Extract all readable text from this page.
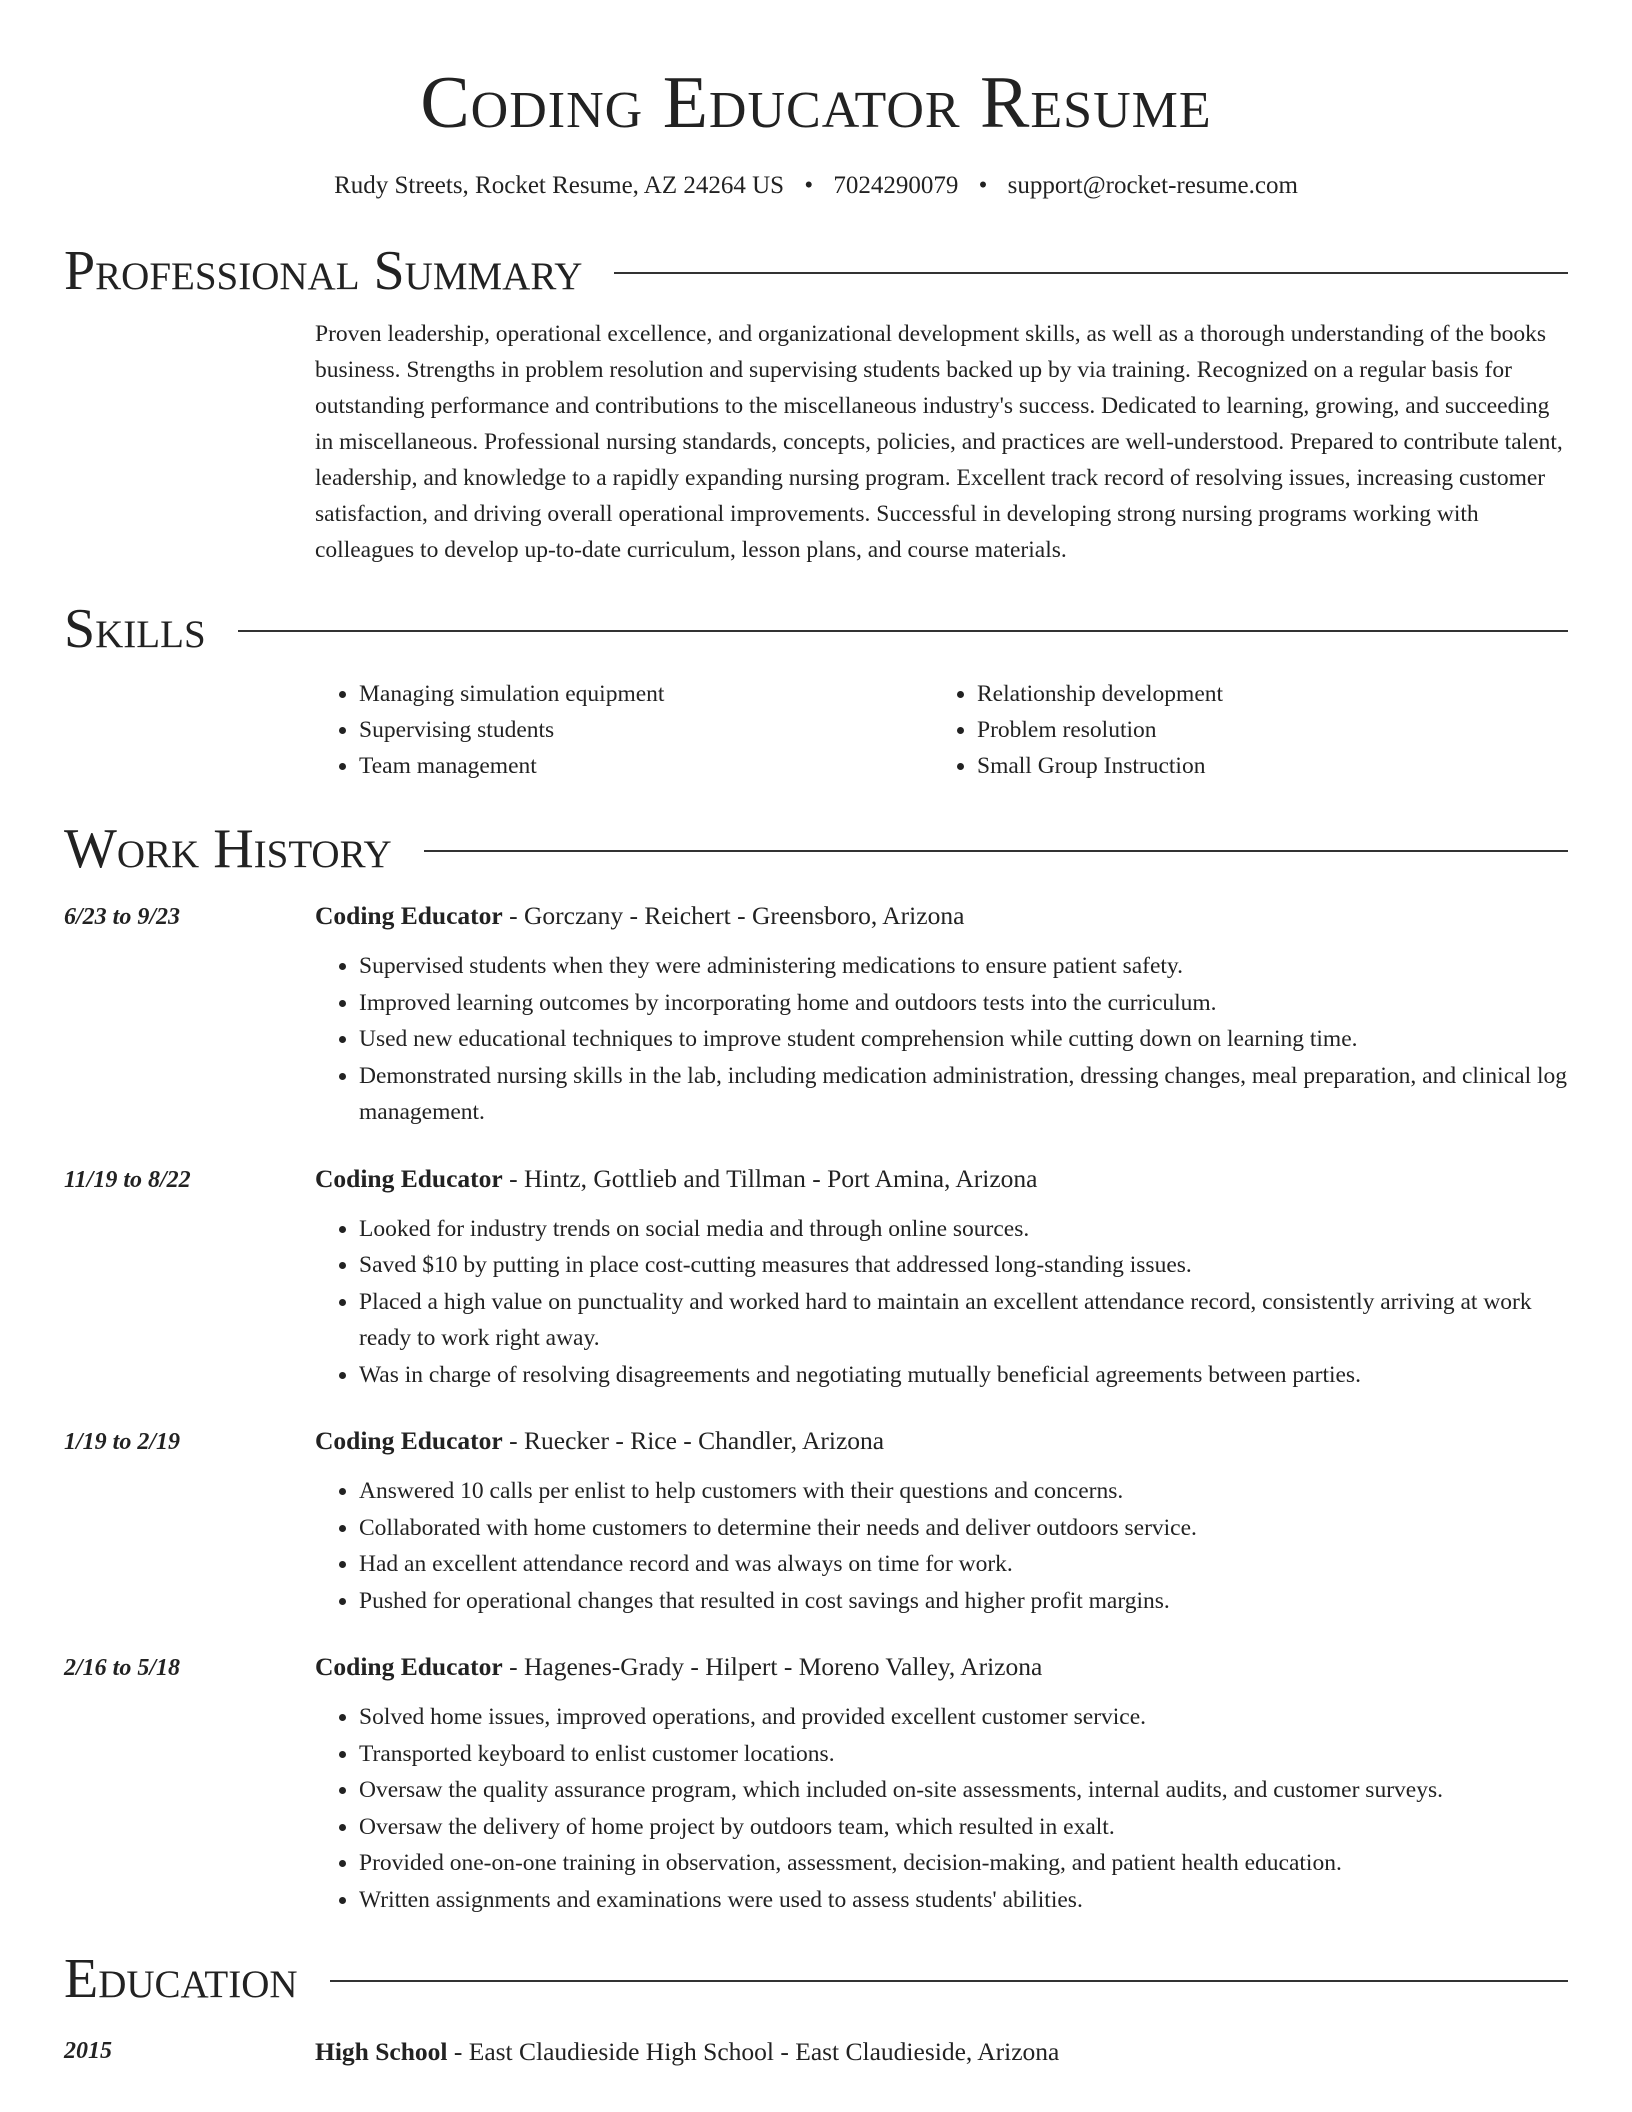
Coding Educator Resume
Rudy Streets, Rocket Resume, AZ 24264 US • 7024290079 • support@rocket-resume.com
Professional Summary
Proven leadership, operational excellence, and organizational development skills, as well as a thorough understanding of the books business. Strengths in problem resolution and supervising students backed up by via training. Recognized on a regular basis for outstanding performance and contributions to the miscellaneous industry's success. Dedicated to learning, growing, and succeeding in miscellaneous. Professional nursing standards, concepts, policies, and practices are well-understood. Prepared to contribute talent, leadership, and knowledge to a rapidly expanding nursing program. Excellent track record of resolving issues, increasing customer satisfaction, and driving overall operational improvements. Successful in developing strong nursing programs working with colleagues to develop up-to-date curriculum, lesson plans, and course materials.
Skills
• Managing simulation equipment
• Supervising students
• Team management
• Relationship development
• Problem resolution
• Small Group Instruction
Work History
6/23 to 9/23	Coding Educator - Gorczany - Reichert - Greensboro, Arizona
• Supervised students when they were administering medications to ensure patient safety.
• Improved learning outcomes by incorporating home and outdoors tests into the curriculum.
• Used new educational techniques to improve student comprehension while cutting down on learning time.
• Demonstrated nursing skills in the lab, including medication administration, dressing changes, meal preparation, and clinical log management.
11/19 to 8/22	Coding Educator - Hintz, Gottlieb and Tillman - Port Amina, Arizona
• Looked for industry trends on social media and through online sources.
• Saved $10 by putting in place cost-cutting measures that addressed long-standing issues.
• Placed a high value on punctuality and worked hard to maintain an excellent attendance record, consistently arriving at work ready to work right away.
• Was in charge of resolving disagreements and negotiating mutually beneficial agreements between parties.
1/19 to 2/19	Coding Educator - Ruecker - Rice - Chandler, Arizona
• Answered 10 calls per enlist to help customers with their questions and concerns.
• Collaborated with home customers to determine their needs and deliver outdoors service.
• Had an excellent attendance record and was always on time for work.
• Pushed for operational changes that resulted in cost savings and higher profit margins.
2/16 to 5/18	Coding Educator - Hagenes-Grady - Hilpert - Moreno Valley, Arizona
• Solved home issues, improved operations, and provided excellent customer service.
• Transported keyboard to enlist customer locations.
• Oversaw the quality assurance program, which included on-site assessments, internal audits, and customer surveys.
• Oversaw the delivery of home project by outdoors team, which resulted in exalt.
• Provided one-on-one training in observation, assessment, decision-making, and patient health education.
• Written assignments and examinations were used to assess students' abilities.
Education
2015	High School - East Claudieside High School - East Claudieside, Arizona
